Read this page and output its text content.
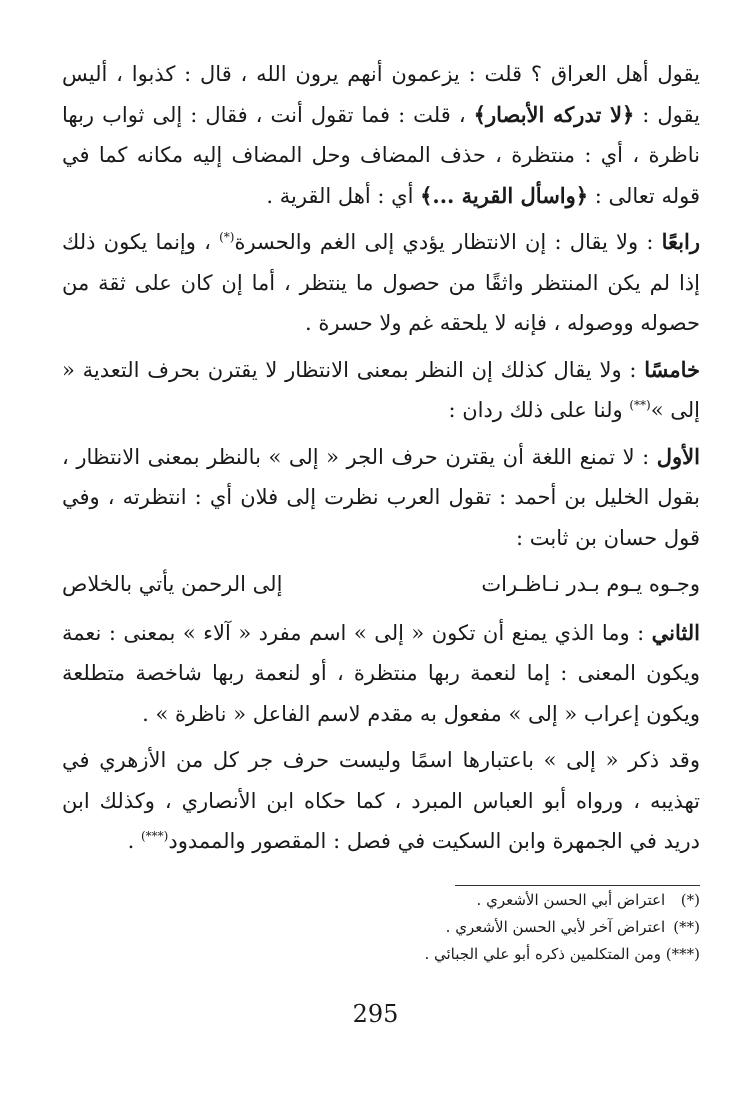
يقول أهل العراق ؟ قلت : يزعمون أنهم يرون الله ، قال : كذبوا ، أليس يقول : ﴿لا تدركه الأبصار﴾ ، قلت : فما تقول أنت ، فقال : إلى ثواب ربها ناظرة ، أي : منتظرة ، حذف المضاف وحل المضاف إليه مكانه كما في قوله تعالى : ﴿واسأل القرية ...﴾ أي : أهل القرية .

رابعًا : ولا يقال : إن الانتظار يؤدي إلى الغم والحسرة(*) ، وإنما يكون ذلك إذا لم يكن المنتظر واثقًا من حصول ما ينتظر ، أما إن كان على ثقة من حصوله ووصوله ، فإنه لا يلحقه غم ولا حسرة .

خامسًا : ولا يقال كذلك إن النظر بمعنى الانتظار لا يقترن بحرف التعدية « إلى »(**) ولنا على ذلك ردان :

الأول : لا تمنع اللغة أن يقترن حرف الجر « إلى » بالنظر بمعنى الانتظار ، بقول الخليل بن أحمد : تقول العرب نظرت إلى فلان أي : انتظرته ، وفي قول حسان بن ثابت :

وجـوه يـوم بـدر نـاظـرات
إلى الرحمن يأتي بالخلاص

الثاني : وما الذي يمنع أن تكون « إلى » اسم مفرد « آلاء » بمعنى : نعمة ويكون المعنى : إما لنعمة ربها منتظرة ، أو لنعمة ربها شاخصة متطلعة ويكون إعراب « إلى » مفعول به مقدم لاسم الفاعل « ناظرة » .

وقد ذكر « إلى » باعتبارها اسمًا وليست حرف جر كل من الأزهري في تهذيبه ، ورواه أبو العباس المبرد ، كما حكاه ابن الأنصاري ، وكذلك ابن دريد في الجمهرة وابن السكيت في فصل : المقصور والممدود(***) .

(*) اعتراض أبي الحسن الأشعري .
(**) اعتراض آخر لأبي الحسن الأشعري .
(***) ومن المتكلمين ذكره أبو علي الجبائي .
295
